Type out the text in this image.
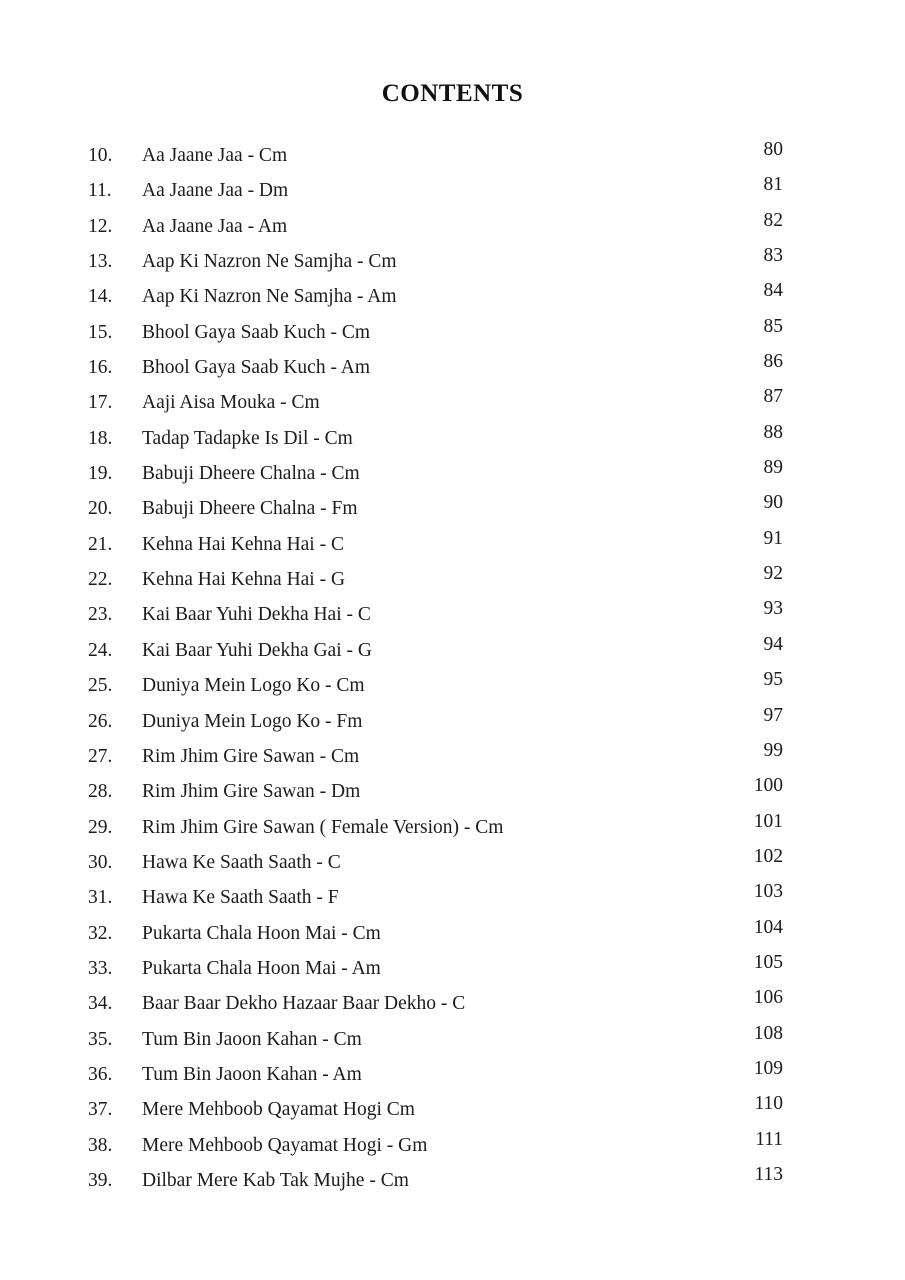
CONTENTS
10. Aa Jaane Jaa - Cm	80
11. Aa Jaane Jaa - Dm	81
12. Aa Jaane Jaa - Am	82
13. Aap Ki Nazron Ne Samjha - Cm	83
14. Aap Ki Nazron Ne Samjha - Am	84
15. Bhool Gaya Saab Kuch - Cm	85
16. Bhool Gaya Saab Kuch - Am	86
17. Aaji Aisa Mouka - Cm	87
18. Tadap Tadapke Is Dil - Cm	88
19. Babuji Dheere Chalna - Cm	89
20. Babuji Dheere Chalna - Fm	90
21. Kehna Hai Kehna Hai - C	91
22. Kehna Hai Kehna Hai - G	92
23. Kai Baar Yuhi Dekha Hai - C	93
24. Kai Baar Yuhi Dekha Gai - G	94
25. Duniya Mein Logo Ko - Cm	95
26. Duniya Mein Logo Ko - Fm	97
27. Rim Jhim Gire Sawan - Cm	99
28. Rim Jhim Gire Sawan - Dm	100
29. Rim Jhim Gire Sawan ( Female Version) - Cm	101
30. Hawa Ke Saath Saath - C	102
31. Hawa Ke Saath Saath - F	103
32. Pukarta Chala Hoon Mai - Cm	104
33. Pukarta Chala Hoon Mai - Am	105
34. Baar Baar Dekho Hazaar Baar Dekho - C	106
35. Tum Bin Jaoon Kahan - Cm	108
36. Tum Bin Jaoon Kahan - Am	109
37. Mere Mehboob Qayamat Hogi Cm	110
38. Mere Mehboob Qayamat Hogi - Gm	111
39. Dilbar Mere Kab Tak Mujhe - Cm	113
